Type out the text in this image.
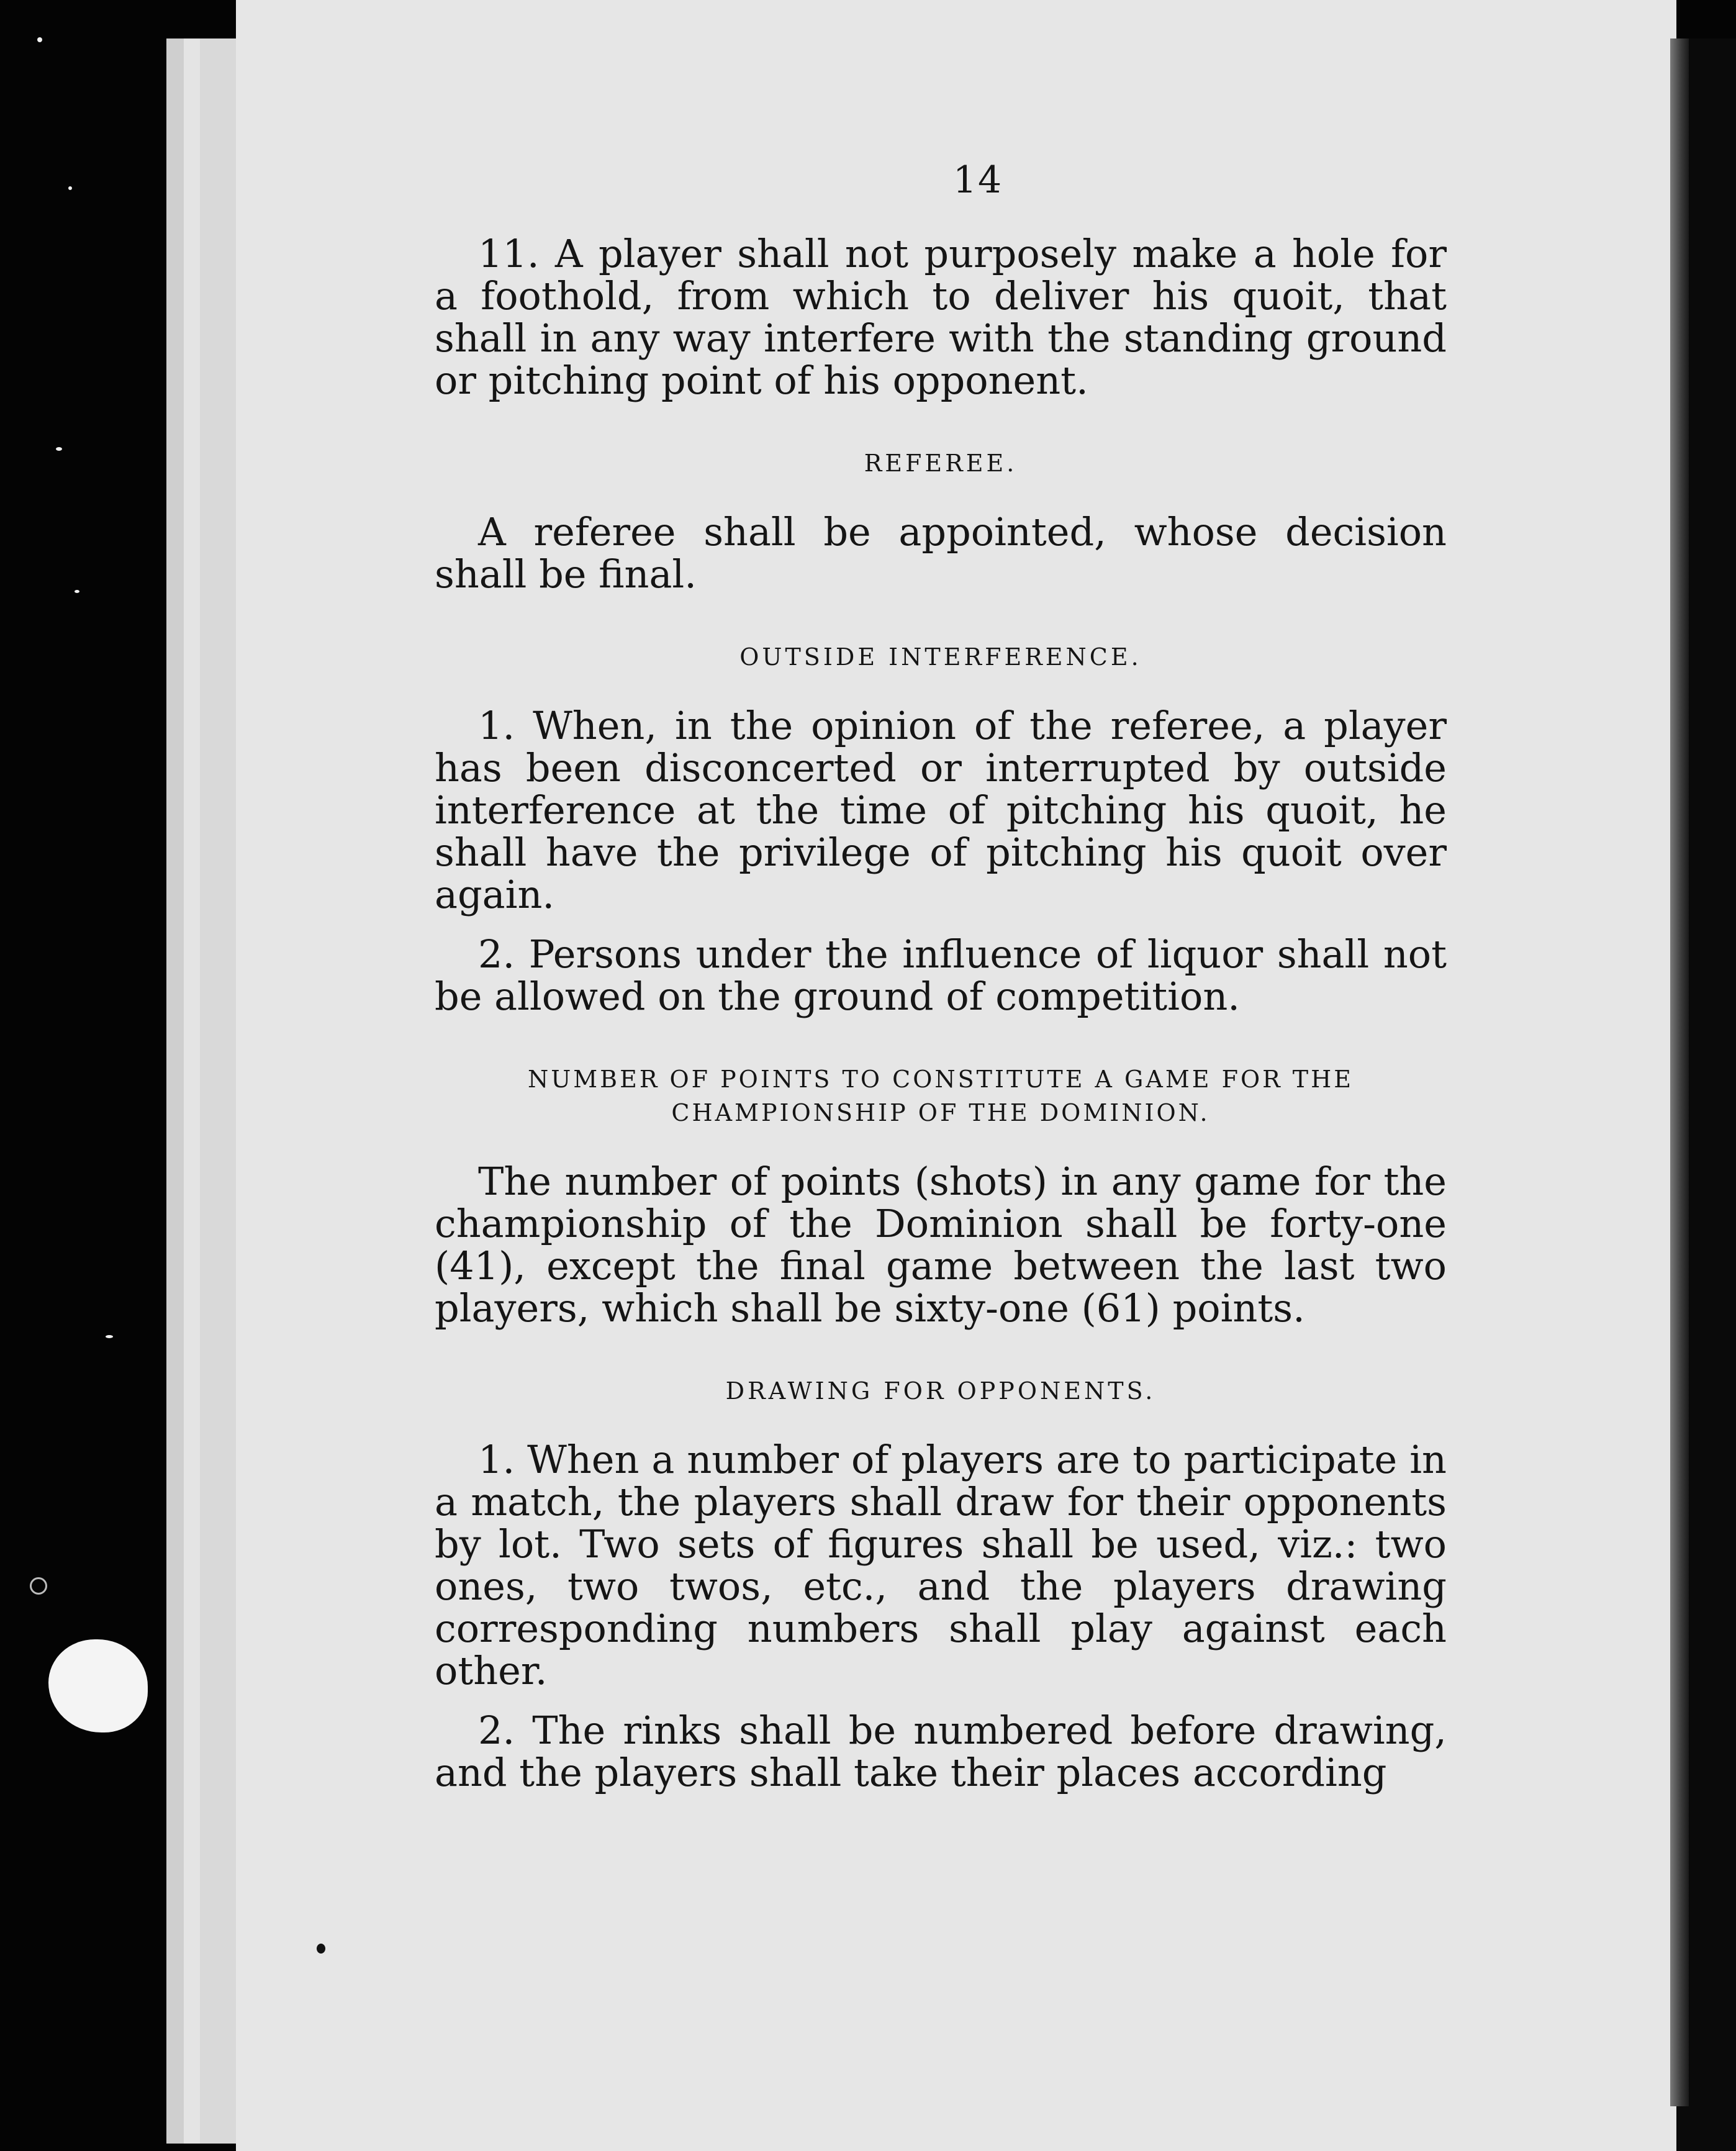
14

11. A player shall not purposely make a hole for a foothold, from which to deliver his quoit, that shall in any way interfere with the standing ground or pitching point of his opponent.

REFEREE.

A referee shall be appointed, whose decision shall be final.

OUTSIDE INTERFERENCE.

1. When, in the opinion of the referee, a player has been disconcerted or interrupted by outside interference at the time of pitching his quoit, he shall have the privilege of pitching his quoit over again.

2. Persons under the influence of liquor shall not be allowed on the ground of competition.

NUMBER OF POINTS TO CONSTITUTE A GAME FOR THE CHAMPIONSHIP OF THE DOMINION.

The number of points (shots) in any game for the championship of the Dominion shall be forty-one (41), except the final game between the last two players, which shall be sixty-one (61) points.

DRAWING FOR OPPONENTS.

1. When a number of players are to participate in a match, the players shall draw for their opponents by lot. Two sets of figures shall be used, viz.: two ones, two twos, etc., and the players drawing corresponding numbers shall play against each other.

2. The rinks shall be numbered before drawing, and the players shall take their places according
